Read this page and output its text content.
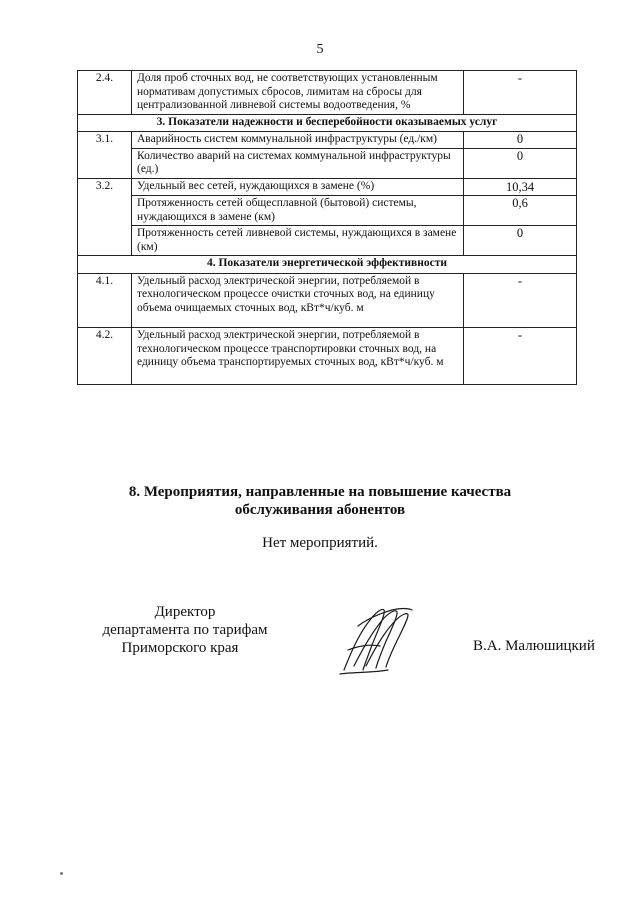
5
2.4.	Доля проб сточных вод, не соответствующих установленным нормативам допустимых сбросов, лимитам на сбросы для централизованной ливневой системы водоотведения, %	-
3. Показатели надежности и бесперебойности оказываемых услуг		
3.1.	Аварийность систем коммунальной инфраструктуры (ед./км)	0
	Количество аварий на системах коммунальной инфраструктуры (ед.)	0
3.2.	Удельный вес сетей, нуждающихся в замене (%)	10,34
	Протяженность сетей общесплавной (бытовой) системы, нуждающихся в замене (км)	0,6
	Протяженность сетей ливневой системы, нуждающихся в замене (км)	0
4. Показатели энергетической эффективности		
4.1.	Удельный расход электрической энергии, потребляемой в технологическом процессе очистки сточных вод, на единицу объема очищаемых сточных вод, кВт*ч/куб. м	-
4.2.	Удельный расход электрической энергии, потребляемой в технологическом процессе транспортировки сточных вод, на единицу объема транспортируемых сточных вод, кВт*ч/куб. м	-
8. Мероприятия, направленные на повышение качества
обслуживания абонентов
Нет мероприятий.
Директор
департамента по тарифам
Приморского края	В.А. Малюшицкий
